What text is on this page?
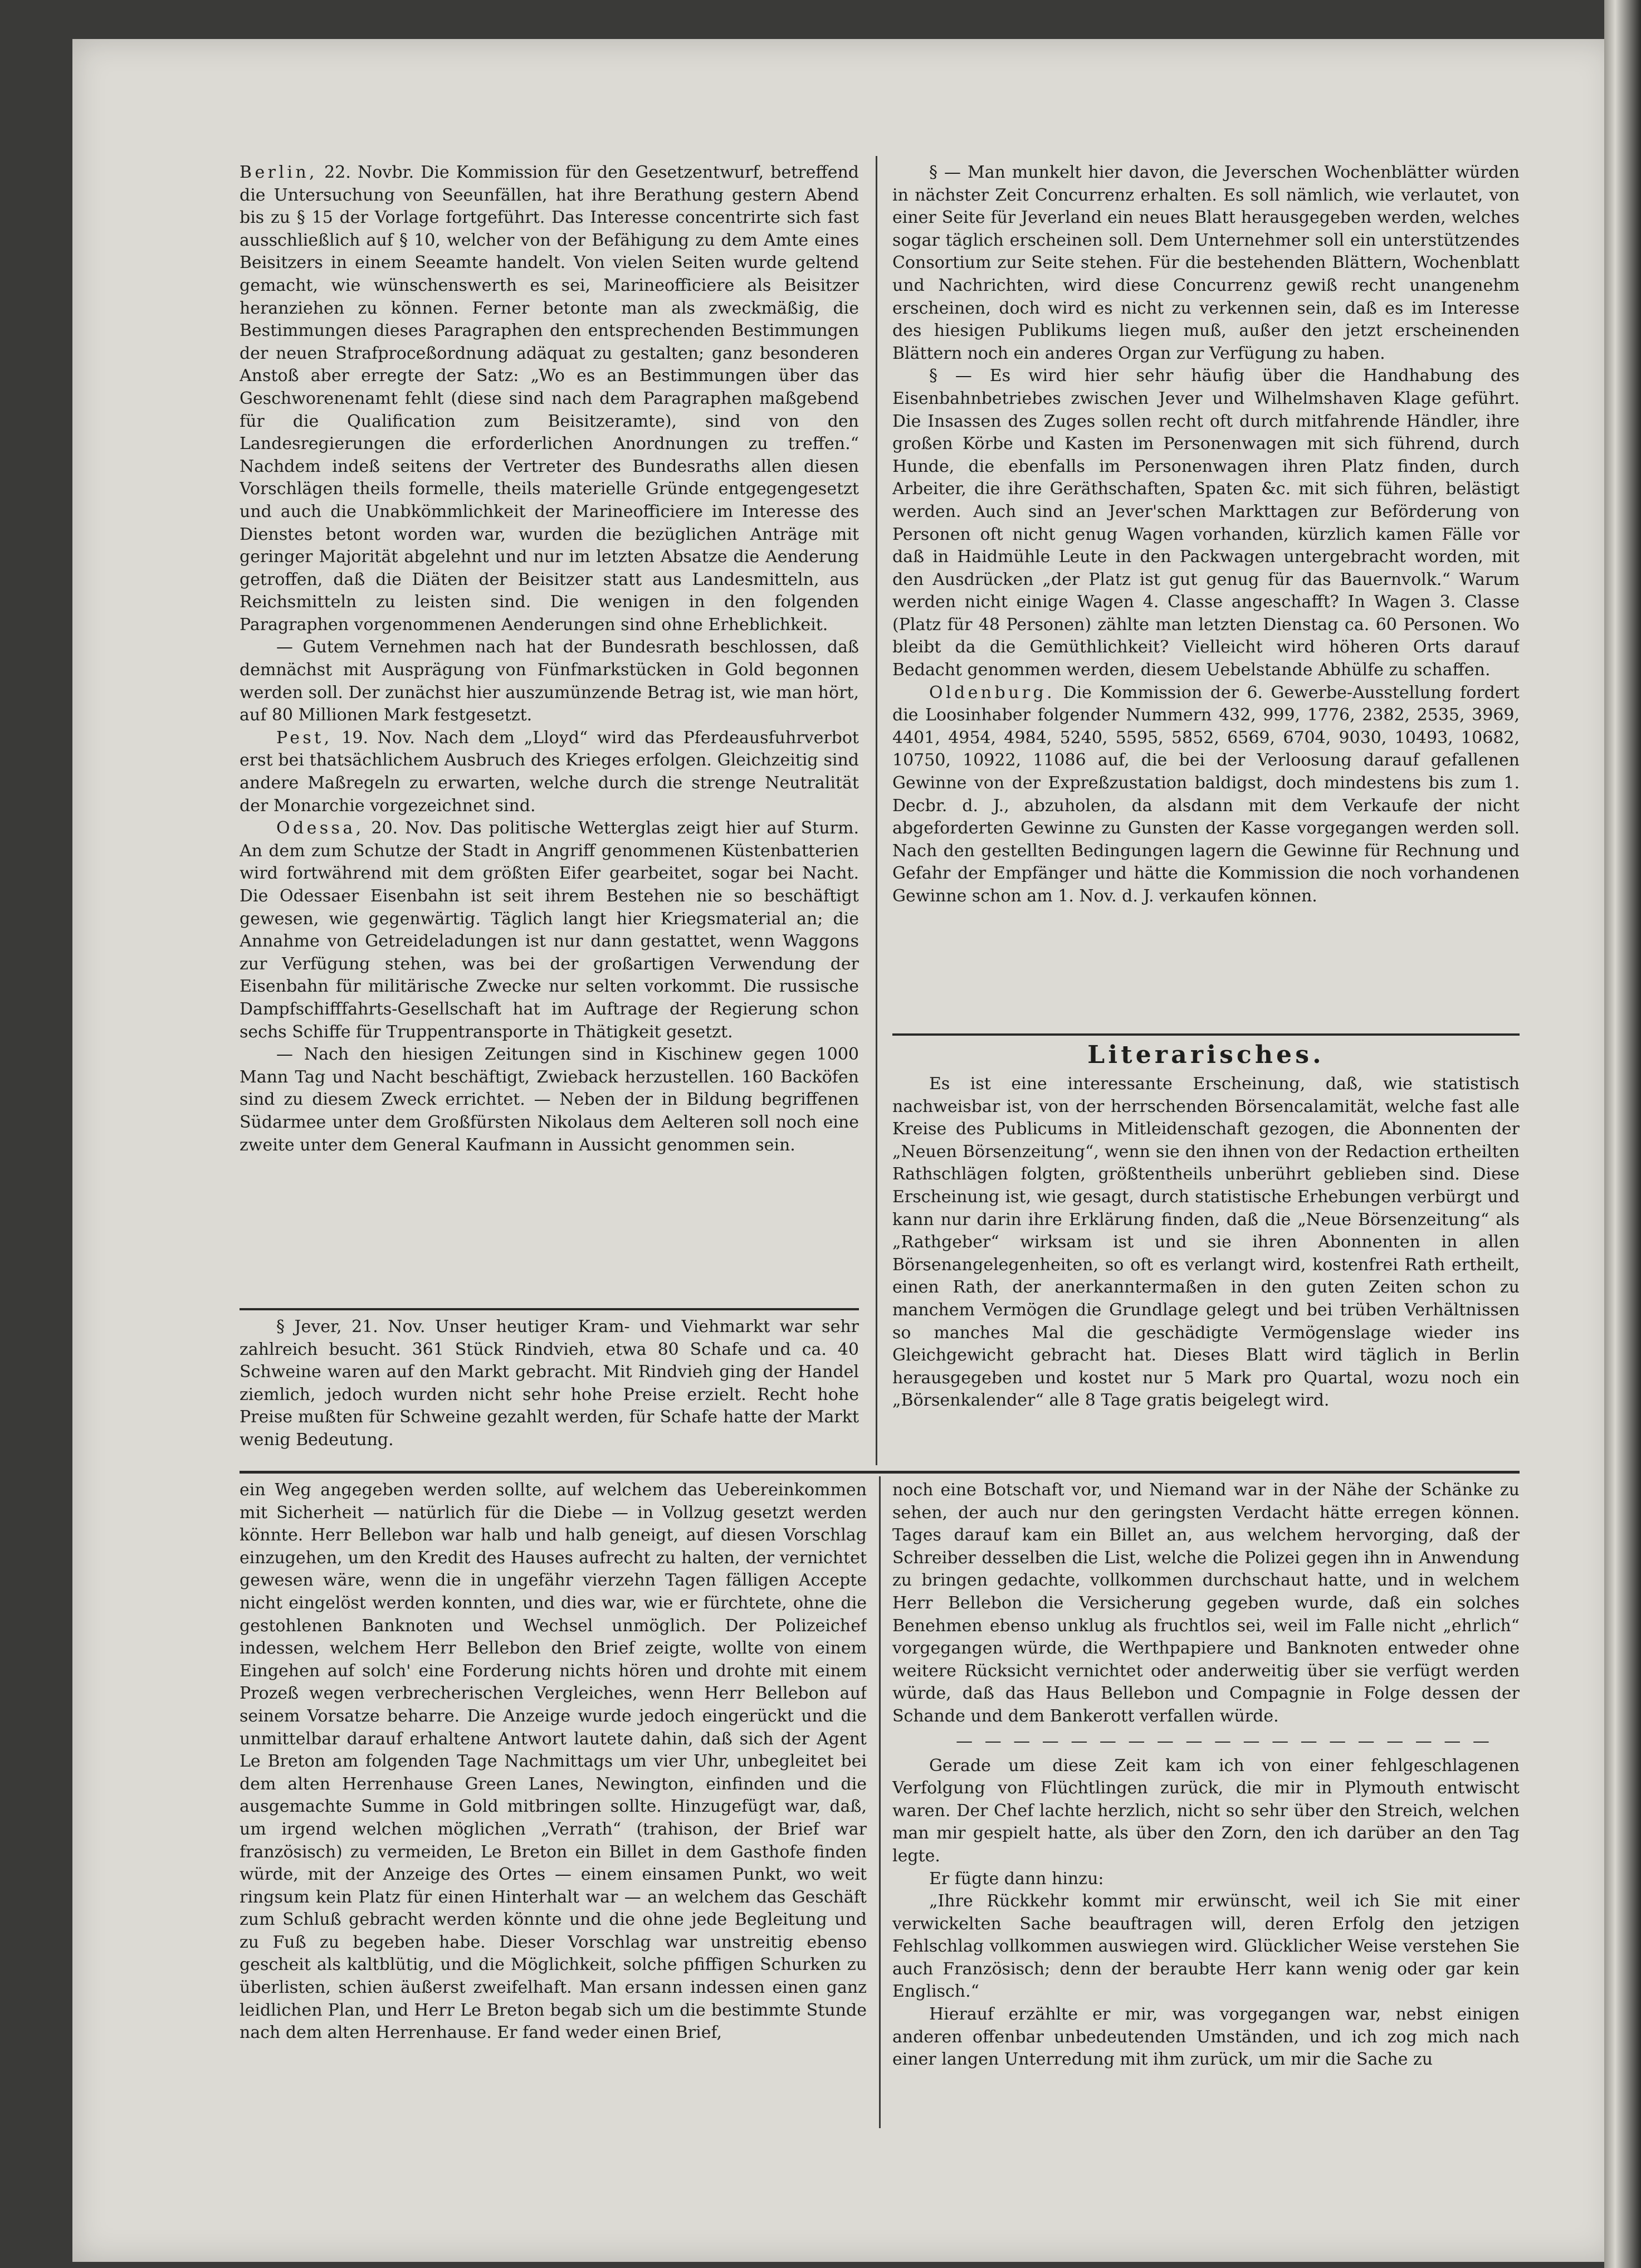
Berlin, 22. Novbr. Die Kommission für den Gesetzentwurf, betreffend die Untersuchung von Seeunfällen, hat ihre Berathung gestern Abend bis zu § 15 der Vorlage fortgeführt. Das Interesse concentrirte sich fast ausschließlich auf § 10, welcher von der Befähigung zu dem Amte eines Beisitzers in einem Seeamte handelt. Von vielen Seiten wurde geltend gemacht, wie wünschenswerth es sei, Marineofficiere als Beisitzer heranziehen zu können. Ferner betonte man als zweckmäßig, die Bestimmungen dieses Paragraphen den entsprechenden Bestimmungen der neuen Strafproceßordnung adäquat zu gestalten; ganz besonderen Anstoß aber erregte der Satz: „Wo es an Bestimmungen über das Geschworenenamt fehlt (diese sind nach dem Paragraphen maßgebend für die Qualification zum Beisitzeramte), sind von den Landesregierungen die erforderlichen Anordnungen zu treffen.“ Nachdem indeß seitens der Vertreter des Bundesraths allen diesen Vorschlägen theils formelle, theils materielle Gründe entgegengesetzt und auch die Unabkömmlichkeit der Marineofficiere im Interesse des Dienstes betont worden war, wurden die bezüglichen Anträge mit geringer Majorität abgelehnt und nur im letzten Absatze die Aenderung getroffen, daß die Diäten der Beisitzer statt aus Landesmitteln, aus Reichsmitteln zu leisten sind. Die wenigen in den folgenden Paragraphen vorgenommenen Aenderungen sind ohne Erheblichkeit.

— Gutem Vernehmen nach hat der Bundesrath beschlossen, daß demnächst mit Ausprägung von Fünfmarkstücken in Gold begonnen werden soll. Der zunächst hier auszumünzende Betrag ist, wie man hört, auf 80 Millionen Mark festgesetzt.

Pest, 19. Nov. Nach dem „Lloyd“ wird das Pferdeausfuhrverbot erst bei thatsächlichem Ausbruch des Krieges erfolgen. Gleichzeitig sind andere Maßregeln zu erwarten, welche durch die strenge Neutralität der Monarchie vorgezeichnet sind.

Odessa, 20. Nov. Das politische Wetterglas zeigt hier auf Sturm. An dem zum Schutze der Stadt in Angriff genommenen Küstenbatterien wird fortwährend mit dem größten Eifer gearbeitet, sogar bei Nacht. Die Odessaer Eisenbahn ist seit ihrem Bestehen nie so beschäftigt gewesen, wie gegenwärtig. Täglich langt hier Kriegsmaterial an; die Annahme von Getreideladungen ist nur dann gestattet, wenn Waggons zur Verfügung stehen, was bei der großartigen Verwendung der Eisenbahn für militärische Zwecke nur selten vorkommt. Die russische Dampfschifffahrts-Gesellschaft hat im Auftrage der Regierung schon sechs Schiffe für Truppentransporte in Thätigkeit gesetzt.

— Nach den hiesigen Zeitungen sind in Kischinew gegen 1000 Mann Tag und Nacht beschäftigt, Zwieback herzustellen. 160 Backöfen sind zu diesem Zweck errichtet. — Neben der in Bildung begriffenen Südarmee unter dem Großfürsten Nikolaus dem Aelteren soll noch eine zweite unter dem General Kaufmann in Aussicht genommen sein.

§ Jever, 21. Nov. Unser heutiger Kram- und Viehmarkt war sehr zahlreich besucht. 361 Stück Rindvieh, etwa 80 Schafe und ca. 40 Schweine waren auf den Markt gebracht. Mit Rindvieh ging der Handel ziemlich, jedoch wurden nicht sehr hohe Preise erzielt. Recht hohe Preise mußten für Schweine gezahlt werden, für Schafe hatte der Markt wenig Bedeutung.

§ — Man munkelt hier davon, die Jeverschen Wochenblätter würden in nächster Zeit Concurrenz erhalten. Es soll nämlich, wie verlautet, von einer Seite für Jeverland ein neues Blatt herausgegeben werden, welches sogar täglich erscheinen soll. Dem Unternehmer soll ein unterstützendes Consortium zur Seite stehen. Für die bestehenden Blättern, Wochenblatt und Nachrichten, wird diese Concurrenz gewiß recht unangenehm erscheinen, doch wird es nicht zu verkennen sein, daß es im Interesse des hiesigen Publikums liegen muß, außer den jetzt erscheinenden Blättern noch ein anderes Organ zur Verfügung zu haben.

§ — Es wird hier sehr häufig über die Handhabung des Eisenbahnbetriebes zwischen Jever und Wilhelmshaven Klage geführt. Die Insassen des Zuges sollen recht oft durch mitfahrende Händler, ihre großen Körbe und Kasten im Personenwagen mit sich führend, durch Hunde, die ebenfalls im Personenwagen ihren Platz finden, durch Arbeiter, die ihre Geräthschaften, Spaten &c. mit sich führen, belästigt werden. Auch sind an Jever'schen Markttagen zur Beförderung von Personen oft nicht genug Wagen vorhanden, kürzlich kamen Fälle vor daß in Haidmühle Leute in den Packwagen untergebracht worden, mit den Ausdrücken „der Platz ist gut genug für das Bauernvolk.“ Warum werden nicht einige Wagen 4. Classe angeschafft? In Wagen 3. Classe (Platz für 48 Personen) zählte man letzten Dienstag ca. 60 Personen. Wo bleibt da die Gemüthlichkeit? Vielleicht wird höheren Orts darauf Bedacht genommen werden, diesem Uebelstande Abhülfe zu schaffen.

Oldenburg. Die Kommission der 6. Gewerbe-Ausstellung fordert die Loosinhaber folgender Nummern 432, 999, 1776, 2382, 2535, 3969, 4401, 4954, 4984, 5240, 5595, 5852, 6569, 6704, 9030, 10493, 10682, 10750, 10922, 11086 auf, die bei der Verloosung darauf gefallenen Gewinne von der Expreßzustation baldigst, doch mindestens bis zum 1. Decbr. d. J., abzuholen, da alsdann mit dem Verkaufe der nicht abgeforderten Gewinne zu Gunsten der Kasse vorgegangen werden soll. Nach den gestellten Bedingungen lagern die Gewinne für Rechnung und Gefahr der Empfänger und hätte die Kommission die noch vorhandenen Gewinne schon am 1. Nov. d. J. verkaufen können.

Literarisches.

Es ist eine interessante Erscheinung, daß, wie statistisch nachweisbar ist, von der herrschenden Börsencalamität, welche fast alle Kreise des Publicums in Mitleidenschaft gezogen, die Abonnenten der „Neuen Börsenzeitung“, wenn sie den ihnen von der Redaction ertheilten Rathschlägen folgten, größtentheils unberührt geblieben sind. Diese Erscheinung ist, wie gesagt, durch statistische Erhebungen verbürgt und kann nur darin ihre Erklärung finden, daß die „Neue Börsenzeitung“ als „Rathgeber“ wirksam ist und sie ihren Abonnenten in allen Börsenangelegenheiten, so oft es verlangt wird, kostenfrei Rath ertheilt, einen Rath, der anerkanntermaßen in den guten Zeiten schon zu manchem Vermögen die Grundlage gelegt und bei trüben Verhältnissen so manches Mal die geschädigte Vermögenslage wieder ins Gleichgewicht gebracht hat. Dieses Blatt wird täglich in Berlin herausgegeben und kostet nur 5 Mark pro Quartal, wozu noch ein „Börsenkalender“ alle 8 Tage gratis beigelegt wird.

ein Weg angegeben werden sollte, auf welchem das Uebereinkommen mit Sicherheit — natürlich für die Diebe — in Vollzug gesetzt werden könnte. Herr Bellebon war halb und halb geneigt, auf diesen Vorschlag einzugehen, um den Kredit des Hauses aufrecht zu halten, der vernichtet gewesen wäre, wenn die in ungefähr vierzehn Tagen fälligen Accepte nicht eingelöst werden konnten, und dies war, wie er fürchtete, ohne die gestohlenen Banknoten und Wechsel unmöglich. Der Polizeichef indessen, welchem Herr Bellebon den Brief zeigte, wollte von einem Eingehen auf solch' eine Forderung nichts hören und drohte mit einem Prozeß wegen verbrecherischen Vergleiches, wenn Herr Bellebon auf seinem Vorsatze beharre. Die Anzeige wurde jedoch eingerückt und die unmittelbar darauf erhaltene Antwort lautete dahin, daß sich der Agent Le Breton am folgenden Tage Nachmittags um vier Uhr, unbegleitet bei dem alten Herrenhause Green Lanes, Newington, einfinden und die ausgemachte Summe in Gold mitbringen sollte. Hinzugefügt war, daß, um irgend welchen möglichen „Verrath“ (trahison, der Brief war französisch) zu vermeiden, Le Breton ein Billet in dem Gasthofe finden würde, mit der Anzeige des Ortes — einem einsamen Punkt, wo weit ringsum kein Platz für einen Hinterhalt war — an welchem das Geschäft zum Schluß gebracht werden könnte und die ohne jede Begleitung und zu Fuß zu begeben habe. Dieser Vorschlag war unstreitig ebenso gescheit als kaltblütig, und die Möglichkeit, solche pfiffigen Schurken zu überlisten, schien äußerst zweifelhaft. Man ersann indessen einen ganz leidlichen Plan, und Herr Le Breton begab sich um die bestimmte Stunde nach dem alten Herrenhause. Er fand weder einen Brief,

noch eine Botschaft vor, und Niemand war in der Nähe der Schänke zu sehen, der auch nur den geringsten Verdacht hätte erregen können. Tages darauf kam ein Billet an, aus welchem hervorging, daß der Schreiber desselben die List, welche die Polizei gegen ihn in Anwendung zu bringen gedachte, vollkommen durchschaut hatte, und in welchem Herr Bellebon die Versicherung gegeben wurde, daß ein solches Benehmen ebenso unklug als fruchtlos sei, weil im Falle nicht „ehrlich“ vorgegangen würde, die Werthpapiere und Banknoten entweder ohne weitere Rücksicht vernichtet oder anderweitig über sie verfügt werden würde, daß das Haus Bellebon und Compagnie in Folge dessen der Schande und dem Bankerott verfallen würde.

— — — — — — — — — — — — — — — — — — —

Gerade um diese Zeit kam ich von einer fehlgeschlagenen Verfolgung von Flüchtlingen zurück, die mir in Plymouth entwischt waren. Der Chef lachte herzlich, nicht so sehr über den Streich, welchen man mir gespielt hatte, als über den Zorn, den ich darüber an den Tag legte.

Er fügte dann hinzu:

„Ihre Rückkehr kommt mir erwünscht, weil ich Sie mit einer verwickelten Sache beauftragen will, deren Erfolg den jetzigen Fehlschlag vollkommen auswiegen wird. Glücklicher Weise verstehen Sie auch Französisch; denn der beraubte Herr kann wenig oder gar kein Englisch.“

Hierauf erzählte er mir, was vorgegangen war, nebst einigen anderen offenbar unbedeutenden Umständen, und ich zog mich nach einer langen Unterredung mit ihm zurück, um mir die Sache zu
